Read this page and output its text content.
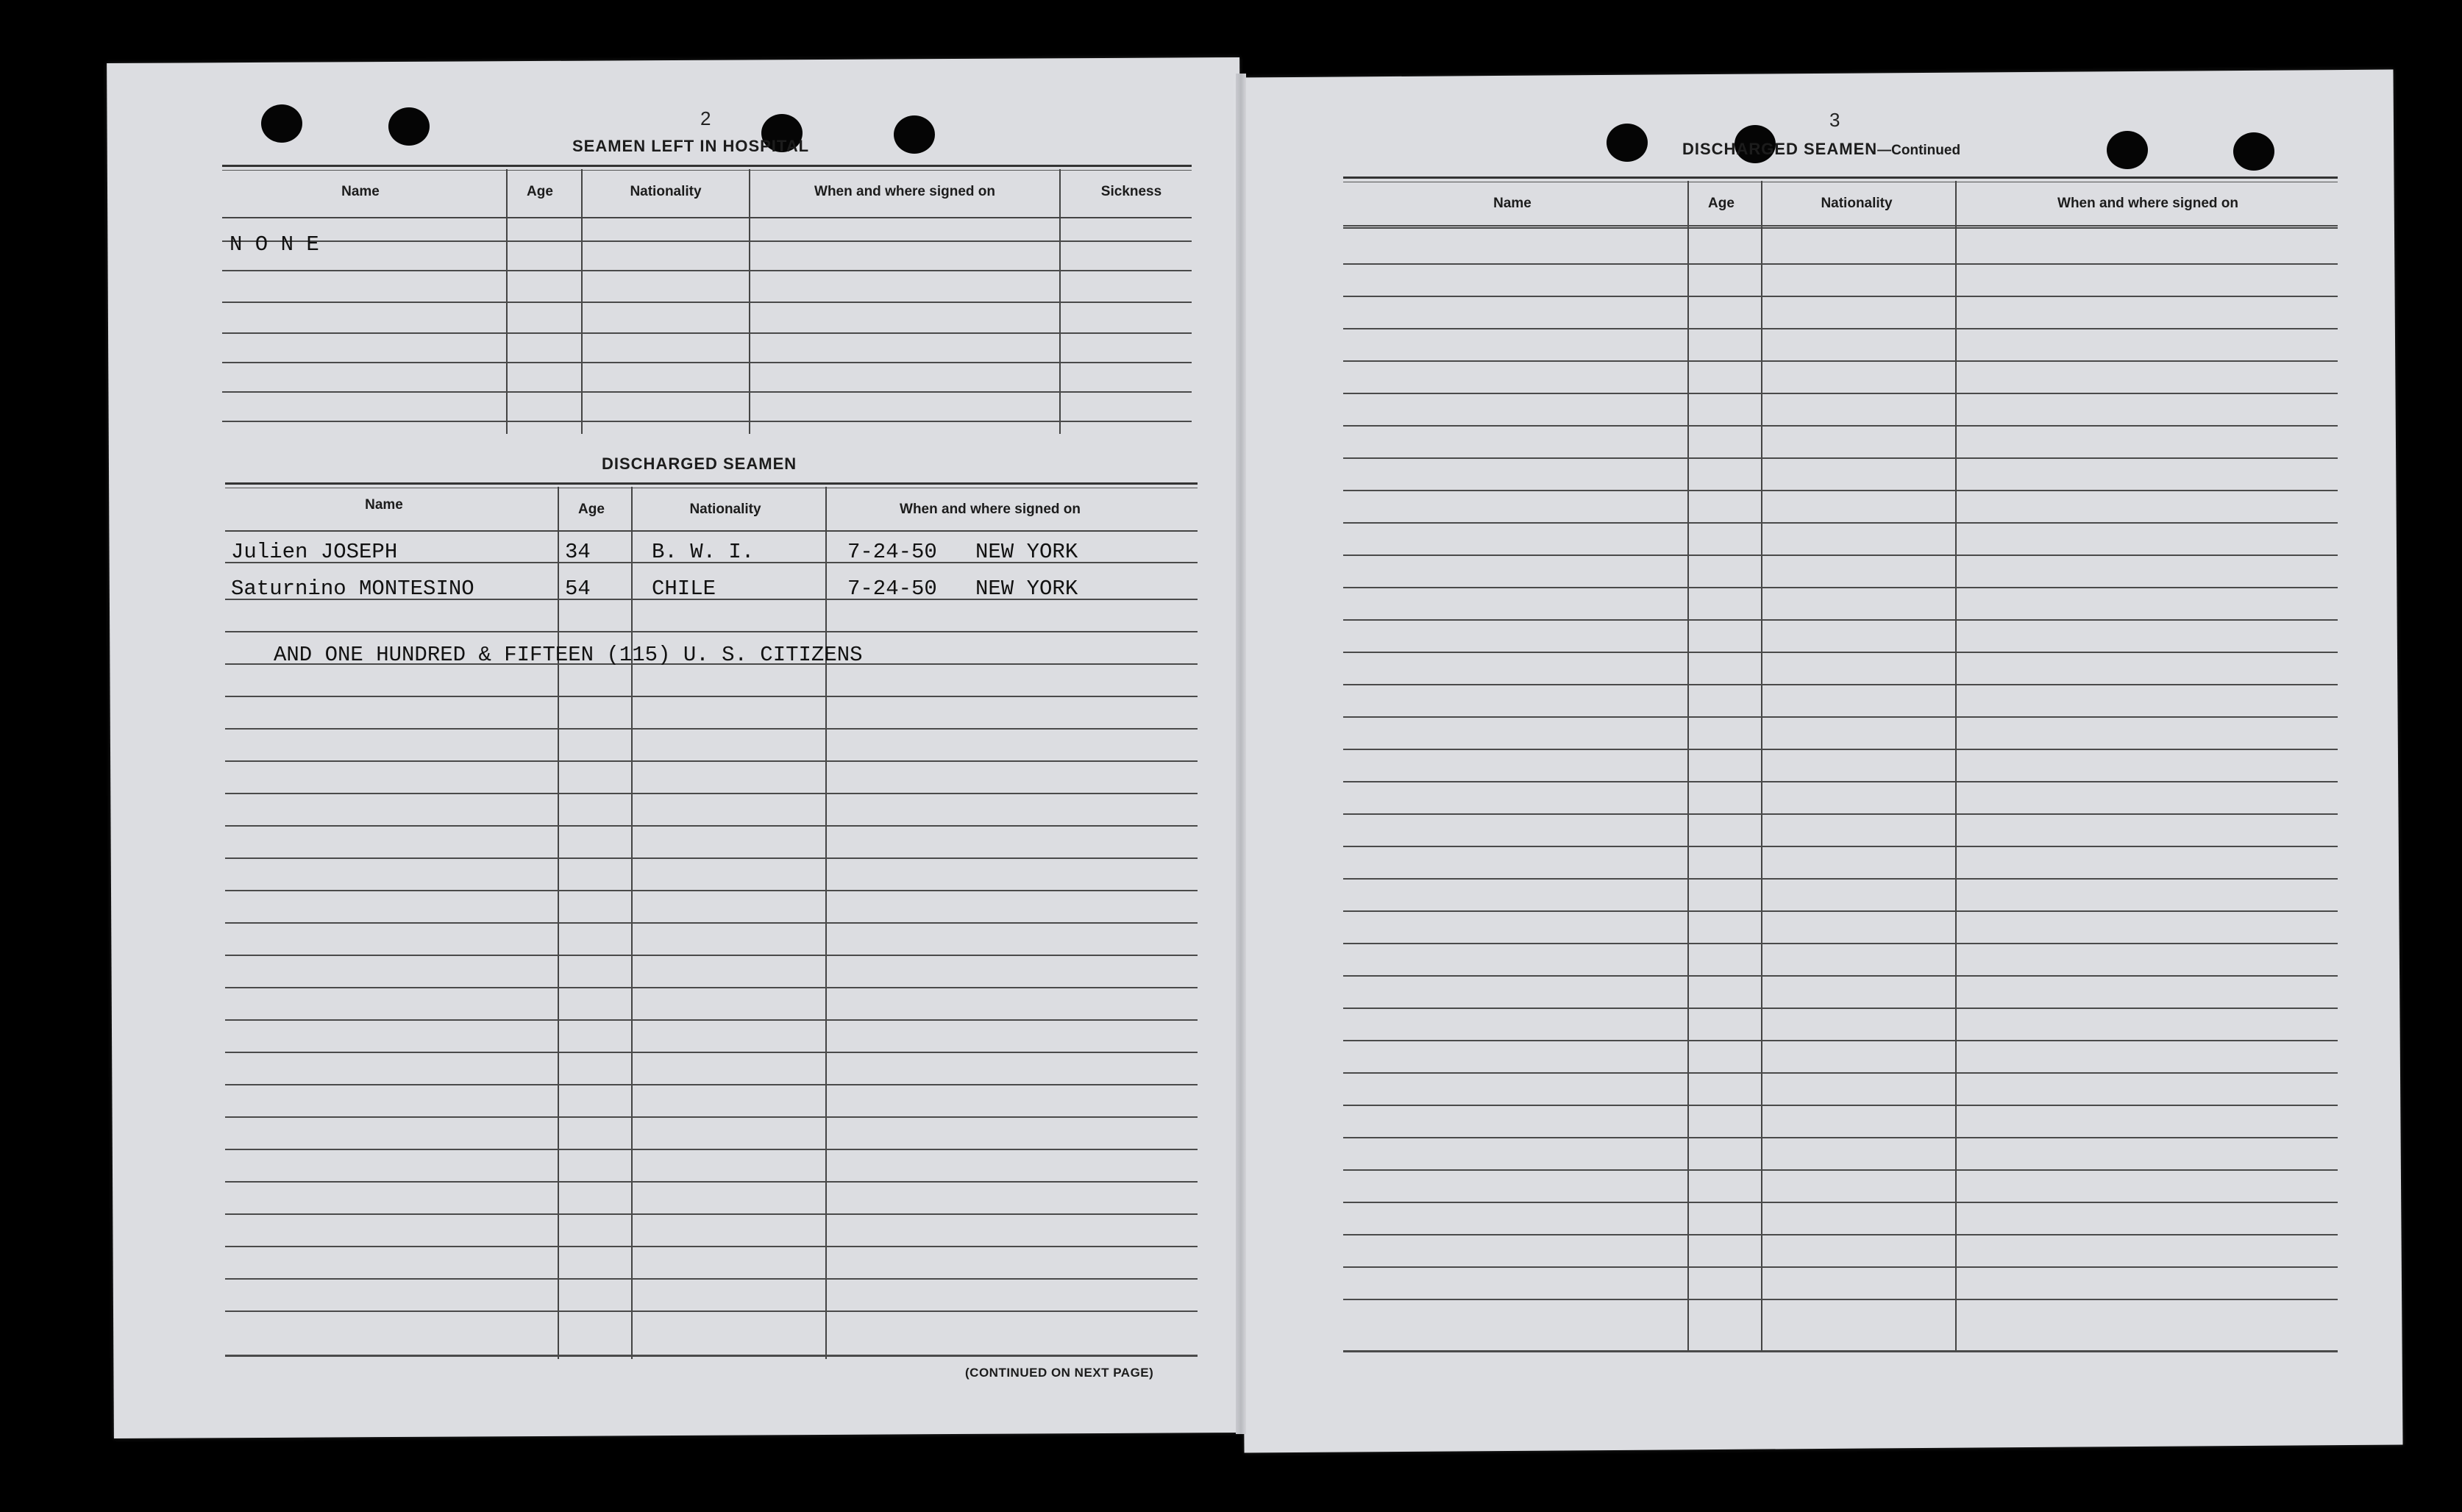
2
SEAMEN LEFT IN HOSPITAL
Name	Age	Nationality	When and where signed on	Sickness
N O N E
DISCHARGED SEAMEN
Name	Age	Nationality	When and where signed on
Julien JOSEPH	34	B. W. I.	7-24-50 NEW YORK
Saturnino MONTESINO	54	CHILE	7-24-50 NEW YORK
AND ONE HUNDRED & FIFTEEN (115) U. S. CITIZENS
(CONTINUED ON NEXT PAGE)
3
DISCHARGED SEAMEN—Continued
Name	Age	Nationality	When and where signed on
